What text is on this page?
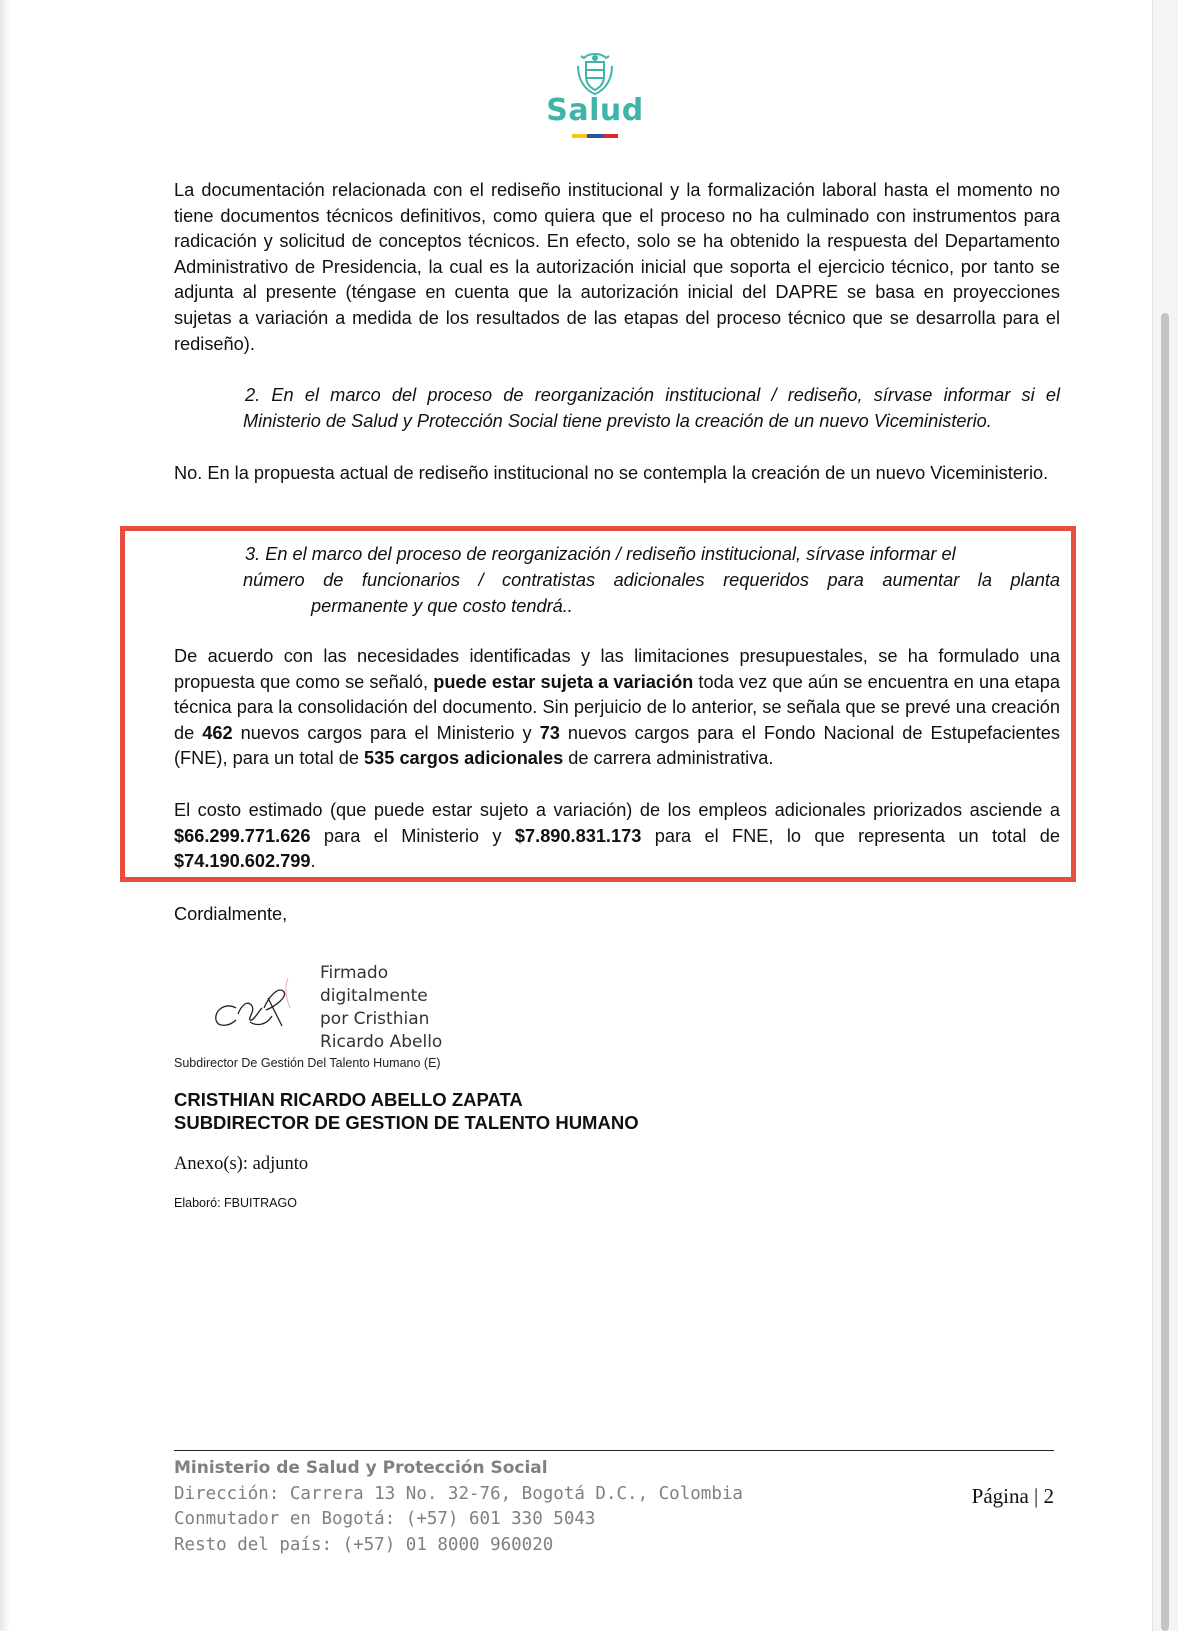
Salud
La documentación relacionada con el rediseño institucional y la formalización laboral hasta el momento no tiene documentos técnicos definitivos, como quiera que el proceso no ha culminado con instrumentos para radicación y solicitud de conceptos técnicos. En efecto, solo se ha obtenido la respuesta del Departamento Administrativo de Presidencia, la cual es la autorización inicial que soporta el ejercicio técnico, por tanto se adjunta al presente (téngase en cuenta que la autorización inicial del DAPRE se basa en proyecciones sujetas a variación a medida de los resultados de las etapas del proceso técnico que se desarrolla para el rediseño).
2. En el marco del proceso de reorganización institucional / rediseño, sírvase informar si el
Ministerio de Salud y Protección Social tiene previsto la creación de un nuevo Viceministerio.
No. En la propuesta actual de rediseño institucional no se contempla la creación de un nuevo Viceministerio.
3. En el marco del proceso de reorganización / rediseño institucional, sírvase informar el
número de funcionarios / contratistas adicionales requeridos para aumentar la planta
permanente y que costo tendrá..
De acuerdo con las necesidades identificadas y las limitaciones presupuestales, se ha formulado una propuesta que como se señaló, puede estar sujeta a variación toda vez que aún se encuentra en una etapa técnica para la consolidación del documento. Sin perjuicio de lo anterior, se señala que se prevé una creación de 462 nuevos cargos para el Ministerio y 73 nuevos cargos para el Fondo Nacional de Estupefacientes (FNE), para un total de 535 cargos adicionales de carrera administrativa.
El costo estimado (que puede estar sujeto a variación) de los empleos adicionales priorizados asciende a $66.299.771.626 para el Ministerio y $7.890.831.173 para el FNE, lo que representa un total de $74.190.602.799.
Cordialmente,
Firmado
digitalmente
por Cristhian
Ricardo Abello
Subdirector De Gestión Del Talento Humano (E)
CRISTHIAN RICARDO ABELLO ZAPATA
SUBDIRECTOR DE GESTION DE TALENTO HUMANO
Anexo(s): adjunto
Elaboró: FBUITRAGO
Ministerio de Salud y Protección Social
Dirección: Carrera 13 No. 32-76, Bogotá D.C., Colombia
Conmutador en Bogotá: (+57) 601 330 5043
Resto del país: (+57) 01 8000 960020
Página | 2
